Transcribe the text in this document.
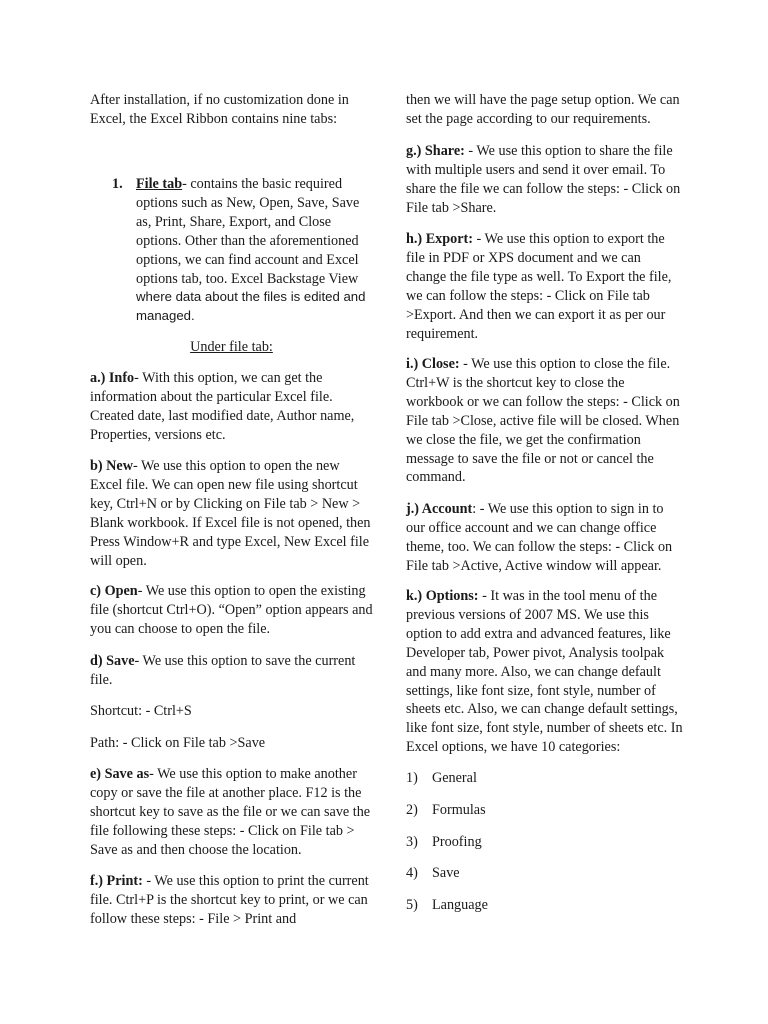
After installation, if no customization done in Excel, the Excel Ribbon contains nine tabs:

1. File tab- contains the basic required options such as New, Open, Save, Save as, Print, Share, Export, and Close options. Other than the aforementioned options, we can find account and Excel options tab, too. Excel Backstage View where data about the files is edited and managed.

Under file tab:

a.) Info- With this option, we can get the information about the particular Excel file. Created date, last modified date, Author name, Properties, versions etc.

b) New- We use this option to open the new Excel file. We can open new file using shortcut key, Ctrl+N or by Clicking on File tab > New > Blank workbook. If Excel file is not opened, then Press Window+R and type Excel, New Excel file will open.

c) Open- We use this option to open the existing file (shortcut Ctrl+O). “Open” option appears and you can choose to open the file.

d) Save- We use this option to save the current file.

Shortcut: - Ctrl+S

Path: - Click on File tab >Save

e) Save as- We use this option to make another copy or save the file at another place. F12 is the shortcut key to save as the file or we can save the file following these steps: - Click on File tab > Save as and then choose the location.

f.) Print: - We use this option to print the current file. Ctrl+P is the shortcut key to print, or we can follow these steps: - File > Print and

then we will have the page setup option. We can set the page according to our requirements.

g.) Share: - We use this option to share the file with multiple users and send it over email. To share the file we can follow the steps: - Click on File tab >Share.

h.) Export: - We use this option to export the file in PDF or XPS document and we can change the file type as well. To Export the file, we can follow the steps: - Click on File tab >Export. And then we can export it as per our requirement.

i.) Close: - We use this option to close the file. Ctrl+W is the shortcut key to close the workbook or we can follow the steps: - Click on File tab >Close, active file will be closed. When we close the file, we get the confirmation message to save the file or not or cancel the command.

j.) Account: - We use this option to sign in to our office account and we can change office theme, too. We can follow the steps: - Click on File tab >Active, Active window will appear.

k.) Options: - It was in the tool menu of the previous versions of 2007 MS. We use this option to add extra and advanced features, like Developer tab, Power pivot, Analysis toolpak and many more. Also, we can change default settings, like font size, font style, number of sheets etc. Also, we can change default settings, like font size, font style, number of sheets etc. In Excel options, we have 10 categories:

1) General
2) Formulas
3) Proofing
4) Save
5) Language
